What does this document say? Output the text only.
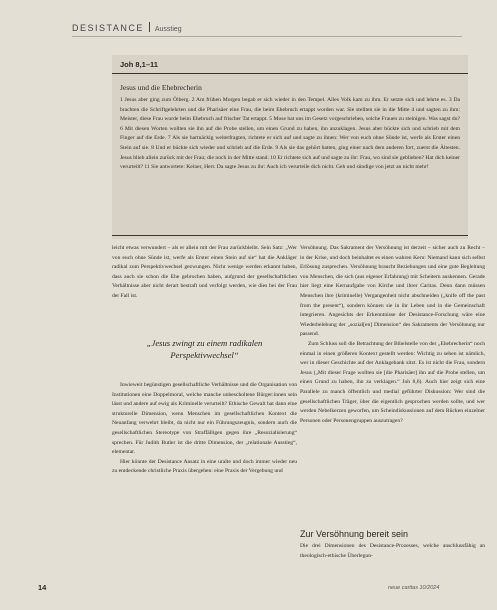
DESISTANCE Ausstieg
Joh 8,1–11
Jesus und die Ehebrecherin
1 Jesus aber ging zum Ölberg. 2 Am frühen Morgen begab er sich wieder in den Tempel. Alles Volk kam zu ihm. Er setzte sich und lehrte es. 3 Da brachten die Schriftgelehrten und die Pharisäer eine Frau, die beim Ehebruch ertappt worden war. Sie stellten sie in die Mitte 4 und sagten zu ihm: Meister, diese Frau wurde beim Ehebruch auf frischer Tat ertappt. 5 Mose hat uns im Gesetz vorgeschrieben, solche Frauen zu steinigen. Was sagst du? 6 Mit diesen Worten wollten sie ihn auf die Probe stellen, um einen Grund zu haben, ihn anzuklagen. Jesus aber bückte sich und schrieb mit dem Finger auf die Erde. 7 Als sie hartnäckig weiterfragten, richtete er sich auf und sagte zu ihnen: Wer von euch ohne Sünde ist, werfe als Erster einen Stein auf sie. 8 Und er bückte sich wieder und schrieb auf die Erde. 9 Als sie das gehört hatten, ging einer nach dem anderen fort, zuerst die Ältesten. Jesus blieb allein zurück mit der Frau; die noch in der Mitte stand. 10 Er richtete sich auf und sagte zu ihr: Frau, wo sind sie geblieben? Hat dich keiner verurteilt? 11 Sie antwortete: Keiner, Herr. Da sagte Jesus zu ihr: Auch ich verurteile dich nicht. Geh und sündige von jetzt an nicht mehr!

leicht etwas verwundert – als er allein mit der Frau zurückbleibt. Sein Satz: „Wer von euch ohne Sünde ist, werfe als Erster einen Stein auf sie“ hat die Ankläger radikal zum Perspektivwechsel gezwungen. Nicht wenige werden erkannt haben, dass auch sie schon die Ehe gebrochen haben, aufgrund der gesellschaftlichen Verhältnisse aber nicht derart bestraft und verfolgt werden, wie dies bei der Frau der Fall ist.

„Jesus zwingt zu einem radikalen Perspektivwechsel“

Inwieweit begünstigen gesellschaftliche Verhältnisse und die Organisation von Institutionen eine Doppelmoral, welche manche unbescholtene Bürger:innen sein lässt und andere auf ewig als Kriminelle verurteilt? Ethische Gewalt hat dann eine strukturelle Dimension, wenn Menschen im gesellschaftlichen Kontext die Neuanfang verwehrt bleibt, da nicht nur ein Führungszeugnis, sondern auch die gesellschaftlichen Stereotype von Straffälligen gegen ihre „Resozialisierung“ sprechen. Für Judith Butler ist die dritte Dimension, der „relationale Ausstieg“, elementar.

Hier könnte der Desistance Ansatz in eine uralte und doch immer wieder neu zu entdeckende christliche Praxis übergehen: eine Praxis der Vergebung und

Versöhnung. Das Sakrament der Versöhnung ist derzeit – sicher auch zu Recht – in der Krise, und doch beinhaltet es einen wahren Kern: Niemand kann sich selbst Erlösung zusprechen. Versöhnung braucht Beziehungen und eine gute Begleitung von Menschen, die sich (aus eigener Erfahrung) mit Scheitern auskennen. Gerade hier liegt eine Kernaufgabe von Kirche und ihrer Caritas. Denn dann müssen Menschen ihre (kriminelle) Vergangenheit nicht abschneiden („knife off the past from the present“), sondern können sie in ihr Leben und in die Gemeinschaft integrieren. Angesichts der Erkenntnisse der Desistance-Forschung wäre eine Wiederbelebung der „sozial[en] Dimension“ des Sakraments der Versöhnung nur passend.

Zum Schluss soll die Betrachtung der Bibelstelle von der „Ehebrecherin“ noch einmal in einen größeren Kontext gestellt werden: Wichtig zu sehen ist nämlich, wer in dieser Geschichte auf der Anklagebank sitzt. Es ist nicht die Frau, sondern Jesus („Mit dieser Frage wollten sie [die Pharisäer] ihn auf die Probe stellen, um einen Grund zu haben, ihn zu verklagen.“ Joh 8,6). Auch hier zeigt sich eine Parallele zu manch öffentlich und medial geführter Diskussion: Wer sind die gesellschaftlichen Träger, über die eigentlich gesprochen werden sollte, und wer werden Nebelkerzen geworfen, um Scheindiskussionen auf dem Rücken einzelner Personen oder Personengruppen auszutragen?

Zur Versöhnung bereit sein
Die drei Dimensionen des Desistance-Prozesses, welche anschlussfähig an theologisch-ethische Überlegun-
14	neue caritas 10/2024
